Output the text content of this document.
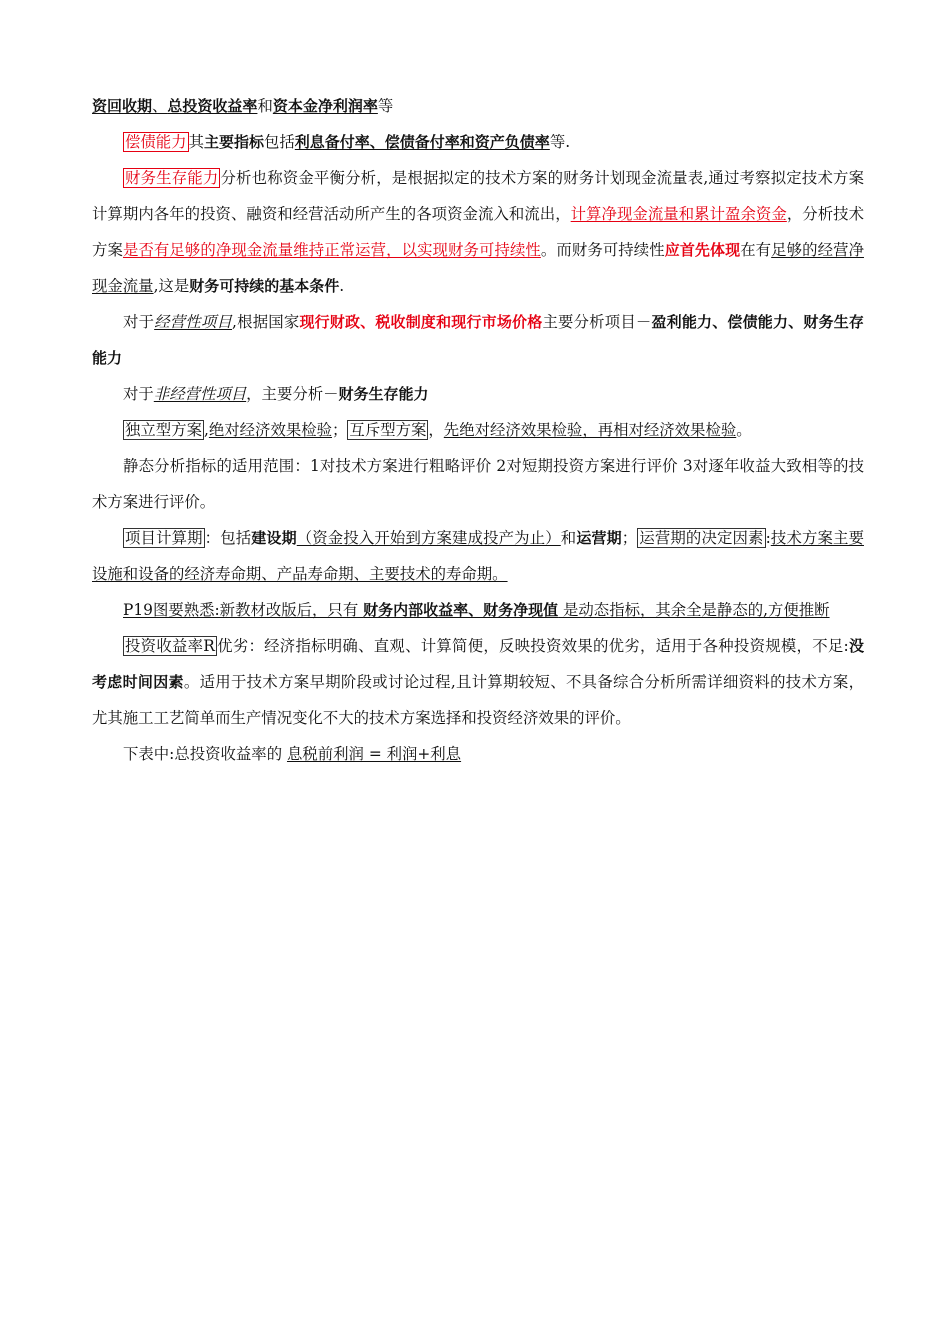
资回收期、总投资收益率和资本金净利润率等

偿债能力 其主要指标包括利息备付率、偿债备付率和资产负债率等.

财务生存能力 分析也称资金平衡分析，是根据拟定的技术方案的财务计划现金流量表,通过考察拟定技术方案计算期内各年的投资、融资和经营活动所产生的各项资金流入和流出，计算净现金流量和累计盈余资金，分析技术方案是否有足够的净现金流量维持正常运营，以实现财务可持续性。而财务可持续性应首先体现在有足够的经营净现金流量,这是财务可持续的基本条件.

对于经营性项目,根据国家现行财政、税收制度和现行市场价格主要分析项目－盈利能力、偿债能力、财务生存能力

对于非经营性项目，主要分析－财务生存能力

独立型方案 ,绝对经济效果检验； 互斥型方案 ，先绝对经济效果检验，再相对经济效果检验。

静态分析指标的适用范围：1对技术方案进行粗略评价 2对短期投资方案进行评价 3对逐年收益大致相等的技术方案进行评价。

项目计算期 ：包括建设期（资金投入开始到方案建成投产为止）和运营期； 运营期的决定因素 :技术方案主要设施和设备的经济寿命期、产品寿命期、主要技术的寿命期。

P19图要熟悉:新教材改版后，只有 财务内部收益率、财务净现值 是动态指标，其余全是静态的,方便推断

投资收益率R 优劣：经济指标明确、直观、计算简便，反映投资效果的优劣，适用于各种投资规模，不足:没考虑时间因素。适用于技术方案早期阶段或讨论过程,且计算期较短、不具备综合分析所需详细资料的技术方案，尤其施工工艺简单而生产情况变化不大的技术方案选择和投资经济效果的评价。

下表中:总投资收益率的 息税前利润 = 利润+利息
